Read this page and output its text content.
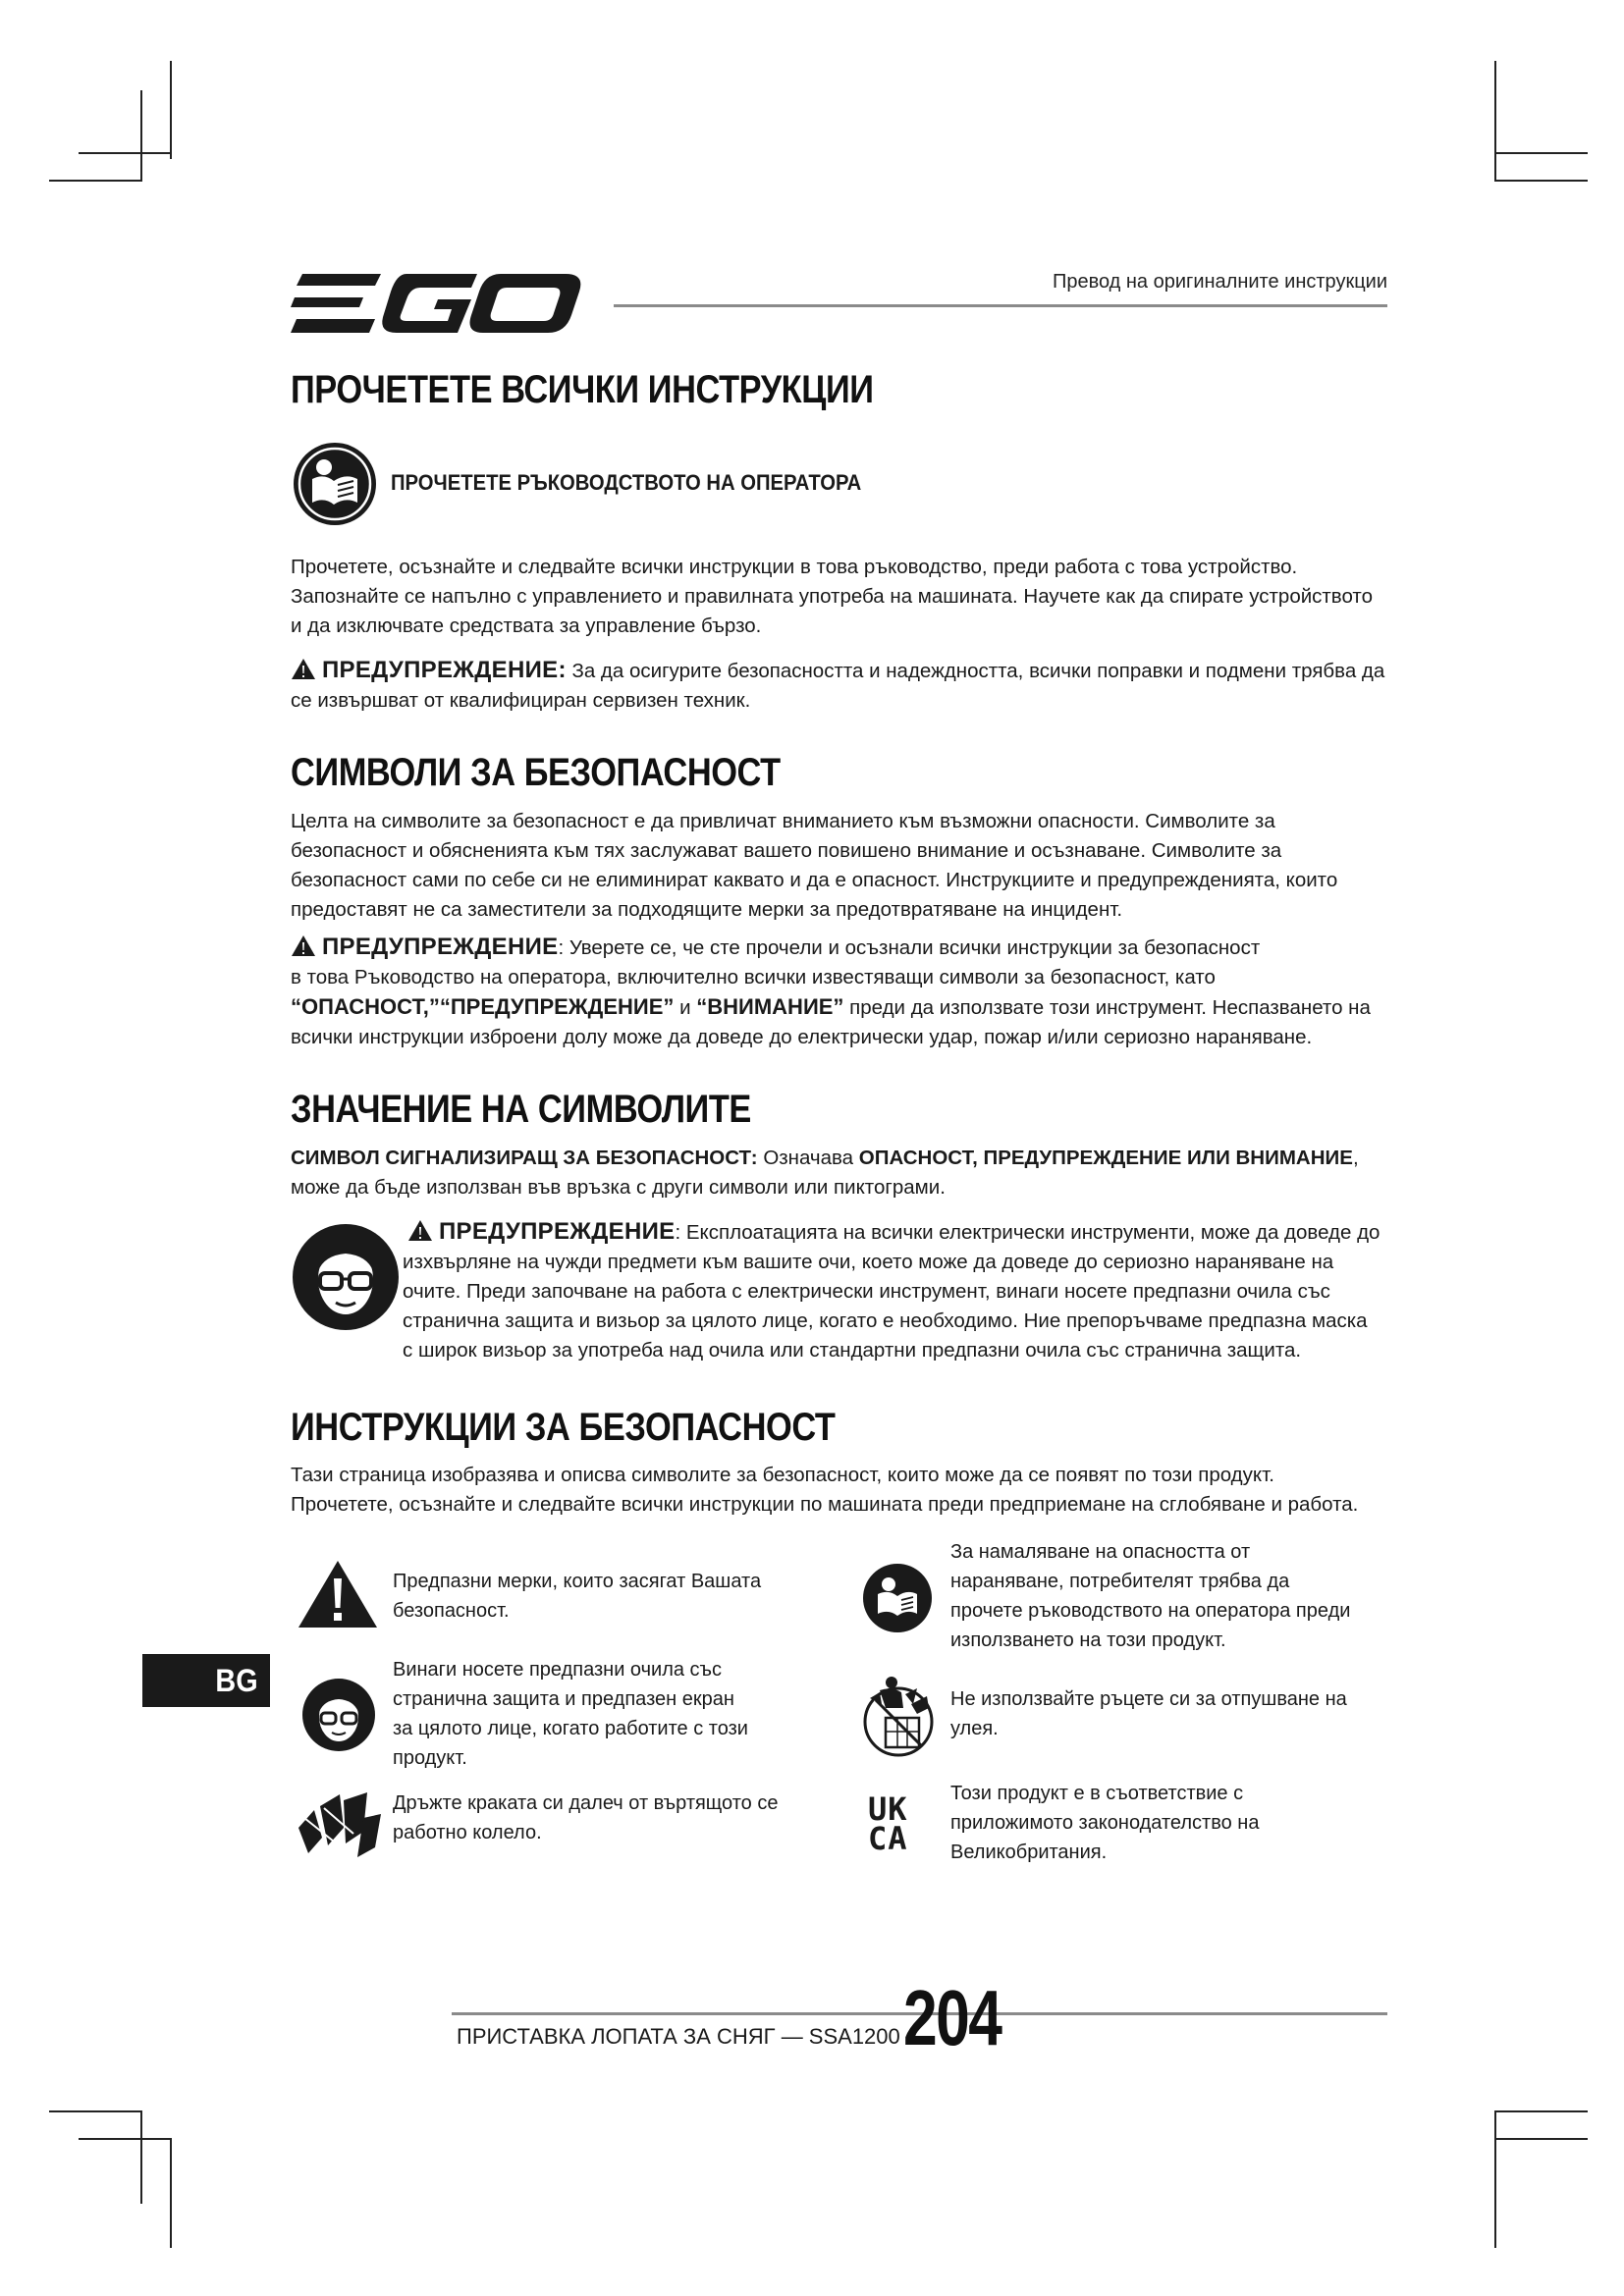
Превод на оригиналните инструкции
ПРОЧЕТЕТЕ ВСИЧКИ ИНСТРУКЦИИ
ПРОЧЕТЕТЕ РЪКОВОДСТВОТО НА ОПЕРАТОРА

Прочетете, осъзнайте и следвайте всички инструкции в това ръководство, преди работа с това устройство.
Запознайте се напълно с управлението и правилната употреба на машината. Научете как да спирате устройството
и да изключвате средствата за управление бързо.

ПРЕДУПРЕЖДЕНИЕ: За да осигурите безопасността и надеждността, всички поправки и подмени трябва да
се извършват от квалифициран сервизен техник.

СИМВОЛИ ЗА БЕЗОПАСНОСТ

Целта на символите за безопасност е да привличат вниманието към възможни опасности. Символите за
безопасност и обясненията към тях заслужават вашето повишено внимание и осъзнаване. Символите за
безопасност сами по себе си не елиминират каквато и да е опасност. Инструкциите и предупрежденията, които
предоставят не са заместители за подходящите мерки за предотвратяване на инцидент.

ПРЕДУПРЕЖДЕНИЕ: Уверете се, че сте прочели и осъзнали всички инструкции за безопасност
в това Ръководство на оператора, включително всички известяващи символи за безопасност, като
“ОПАСНОСТ,”“ПРЕДУПРЕЖДЕНИЕ” и “ВНИМАНИЕ” преди да използвате този инструмент. Неспазването на
всички инструкции изброени долу може да доведе до електрически удар, пожар и/или сериозно нараняване.

ЗНАЧЕНИЕ НА СИМВОЛИТЕ

СИМВОЛ СИГНАЛИЗИРАЩ ЗА БЕЗОПАСНОСТ: Означава ОПАСНОСТ, ПРЕДУПРЕЖДЕНИЕ ИЛИ ВНИМАНИЕ,
може да бъде използван във връзка с други символи или пиктограми.

ПРЕДУПРЕЖДЕНИЕ: Експлоатацията на всички електрически инструменти, може да доведе до
изхвърляне на чужди предмети към вашите очи, което може да доведе до сериозно нараняване на
очите. Преди започване на работа с електрически инструмент, винаги носете предпазни очила със
странична защита и визьор за цялото лице, когато е необходимо. Ние препоръчваме предпазна маска
с широк визьор за употреба над очила или стандартни предпазни очила със странична защита.

ИНСТРУКЦИИ ЗА БЕЗОПАСНОСТ

Тази страница изобразява и описва символите за безопасност, които може да се появят по този продукт.
Прочетете, осъзнайте и следвайте всички инструкции по машината преди предприемане на сглобяване и работа.

Предпазни мерки, които засягат Вашата
безопасност.
Винаги носете предпазни очила със
странична защита и предпазен екран
за цялото лице, когато работите с този
продукт.
Дръжте краката си далеч от въртящото се
работно колело.
За намаляване на опасността от
нараняване, потребителят трябва да
прочете ръководството на оператора преди
използването на този продукт.
Не използвайте ръцете си за отпушване на
улея.
UK
CA
Този продукт е в съответствие с
приложимото законодателство на
Великобритания.
BG
ПРИСТАВКА ЛОПАТА ЗА СНЯГ — SSA1200 204
